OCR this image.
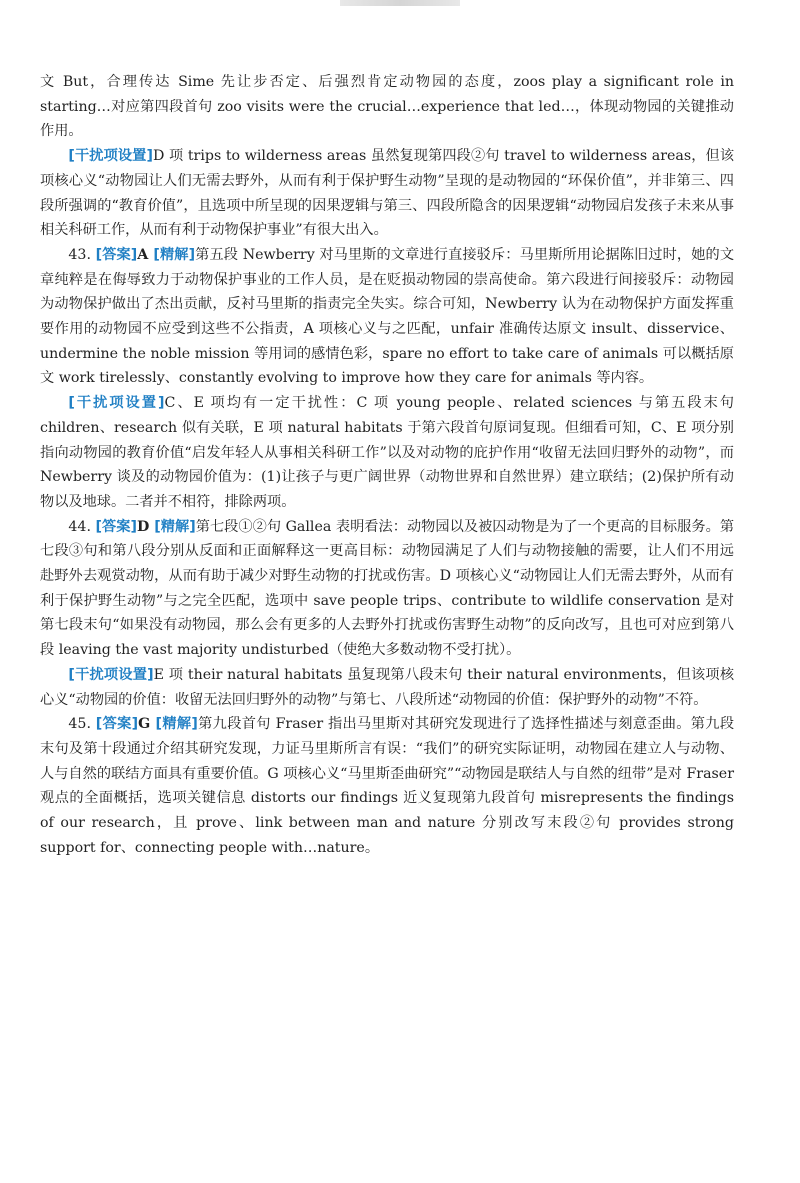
文 But，合理传达 Sime 先让步否定、后强烈肯定动物园的态度，zoos play a significant role in starting…对应第四段首句 zoo visits were the crucial…experience that led…，体现动物园的关键推动作用。

[干扰项设置]D 项 trips to wilderness areas 虽然复现第四段②句 travel to wilderness areas，但该项核心义“动物园让人们无需去野外，从而有利于保护野生动物”呈现的是动物园的“环保价值”，并非第三、四段所强调的“教育价值”，且选项中所呈现的因果逻辑与第三、四段所隐含的因果逻辑“动物园启发孩子未来从事相关科研工作，从而有利于动物保护事业”有很大出入。

43. [答案]A [精解]第五段 Newberry 对马里斯的文章进行直接驳斥：马里斯所用论据陈旧过时，她的文章纯粹是在侮辱致力于动物保护事业的工作人员，是在贬损动物园的崇高使命。第六段进行间接驳斥：动物园为动物保护做出了杰出贡献，反衬马里斯的指责完全失实。综合可知，Newberry 认为在动物保护方面发挥重要作用的动物园不应受到这些不公指责，A 项核心义与之匹配，unfair 准确传达原文 insult、disservice、undermine the noble mission 等用词的感情色彩，spare no effort to take care of animals 可以概括原文 work tirelessly、constantly evolving to improve how they care for animals 等内容。

[干扰项设置]C、E 项均有一定干扰性：C 项 young people、related sciences 与第五段末句 children、research 似有关联，E 项 natural habitats 于第六段首句原词复现。但细看可知，C、E 项分别指向动物园的教育价值“启发年轻人从事相关科研工作”以及对动物的庇护作用“收留无法回归野外的动物”，而 Newberry 谈及的动物园价值为：(1)让孩子与更广阔世界（动物世界和自然世界）建立联结；(2)保护所有动物以及地球。二者并不相符，排除两项。

44. [答案]D [精解]第七段①②句 Gallea 表明看法：动物园以及被囚动物是为了一个更高的目标服务。第七段③句和第八段分别从反面和正面解释这一更高目标：动物园满足了人们与动物接触的需要，让人们不用远赴野外去观赏动物，从而有助于减少对野生动物的打扰或伤害。D 项核心义“动物园让人们无需去野外，从而有利于保护野生动物”与之完全匹配，选项中 save people trips、contribute to wildlife conservation 是对第七段末句“如果没有动物园，那么会有更多的人去野外打扰或伤害野生动物”的反向改写，且也可对应到第八段 leaving the vast majority undisturbed（使绝大多数动物不受打扰）。

[干扰项设置]E 项 their natural habitats 虽复现第八段末句 their natural environments，但该项核心义“动物园的价值：收留无法回归野外的动物”与第七、八段所述“动物园的价值：保护野外的动物”不符。

45. [答案]G [精解]第九段首句 Fraser 指出马里斯对其研究发现进行了选择性描述与刻意歪曲。第九段末句及第十段通过介绍其研究发现，力证马里斯所言有误：“我们”的研究实际证明，动物园在建立人与动物、人与自然的联结方面具有重要价值。G 项核心义“马里斯歪曲研究”“动物园是联结人与自然的纽带”是对 Fraser 观点的全面概括，选项关键信息 distorts our findings 近义复现第九段首句 misrepresents the findings of our research，且 prove、link between man and nature 分别改写末段②句 provides strong support for、connecting people with…nature。
